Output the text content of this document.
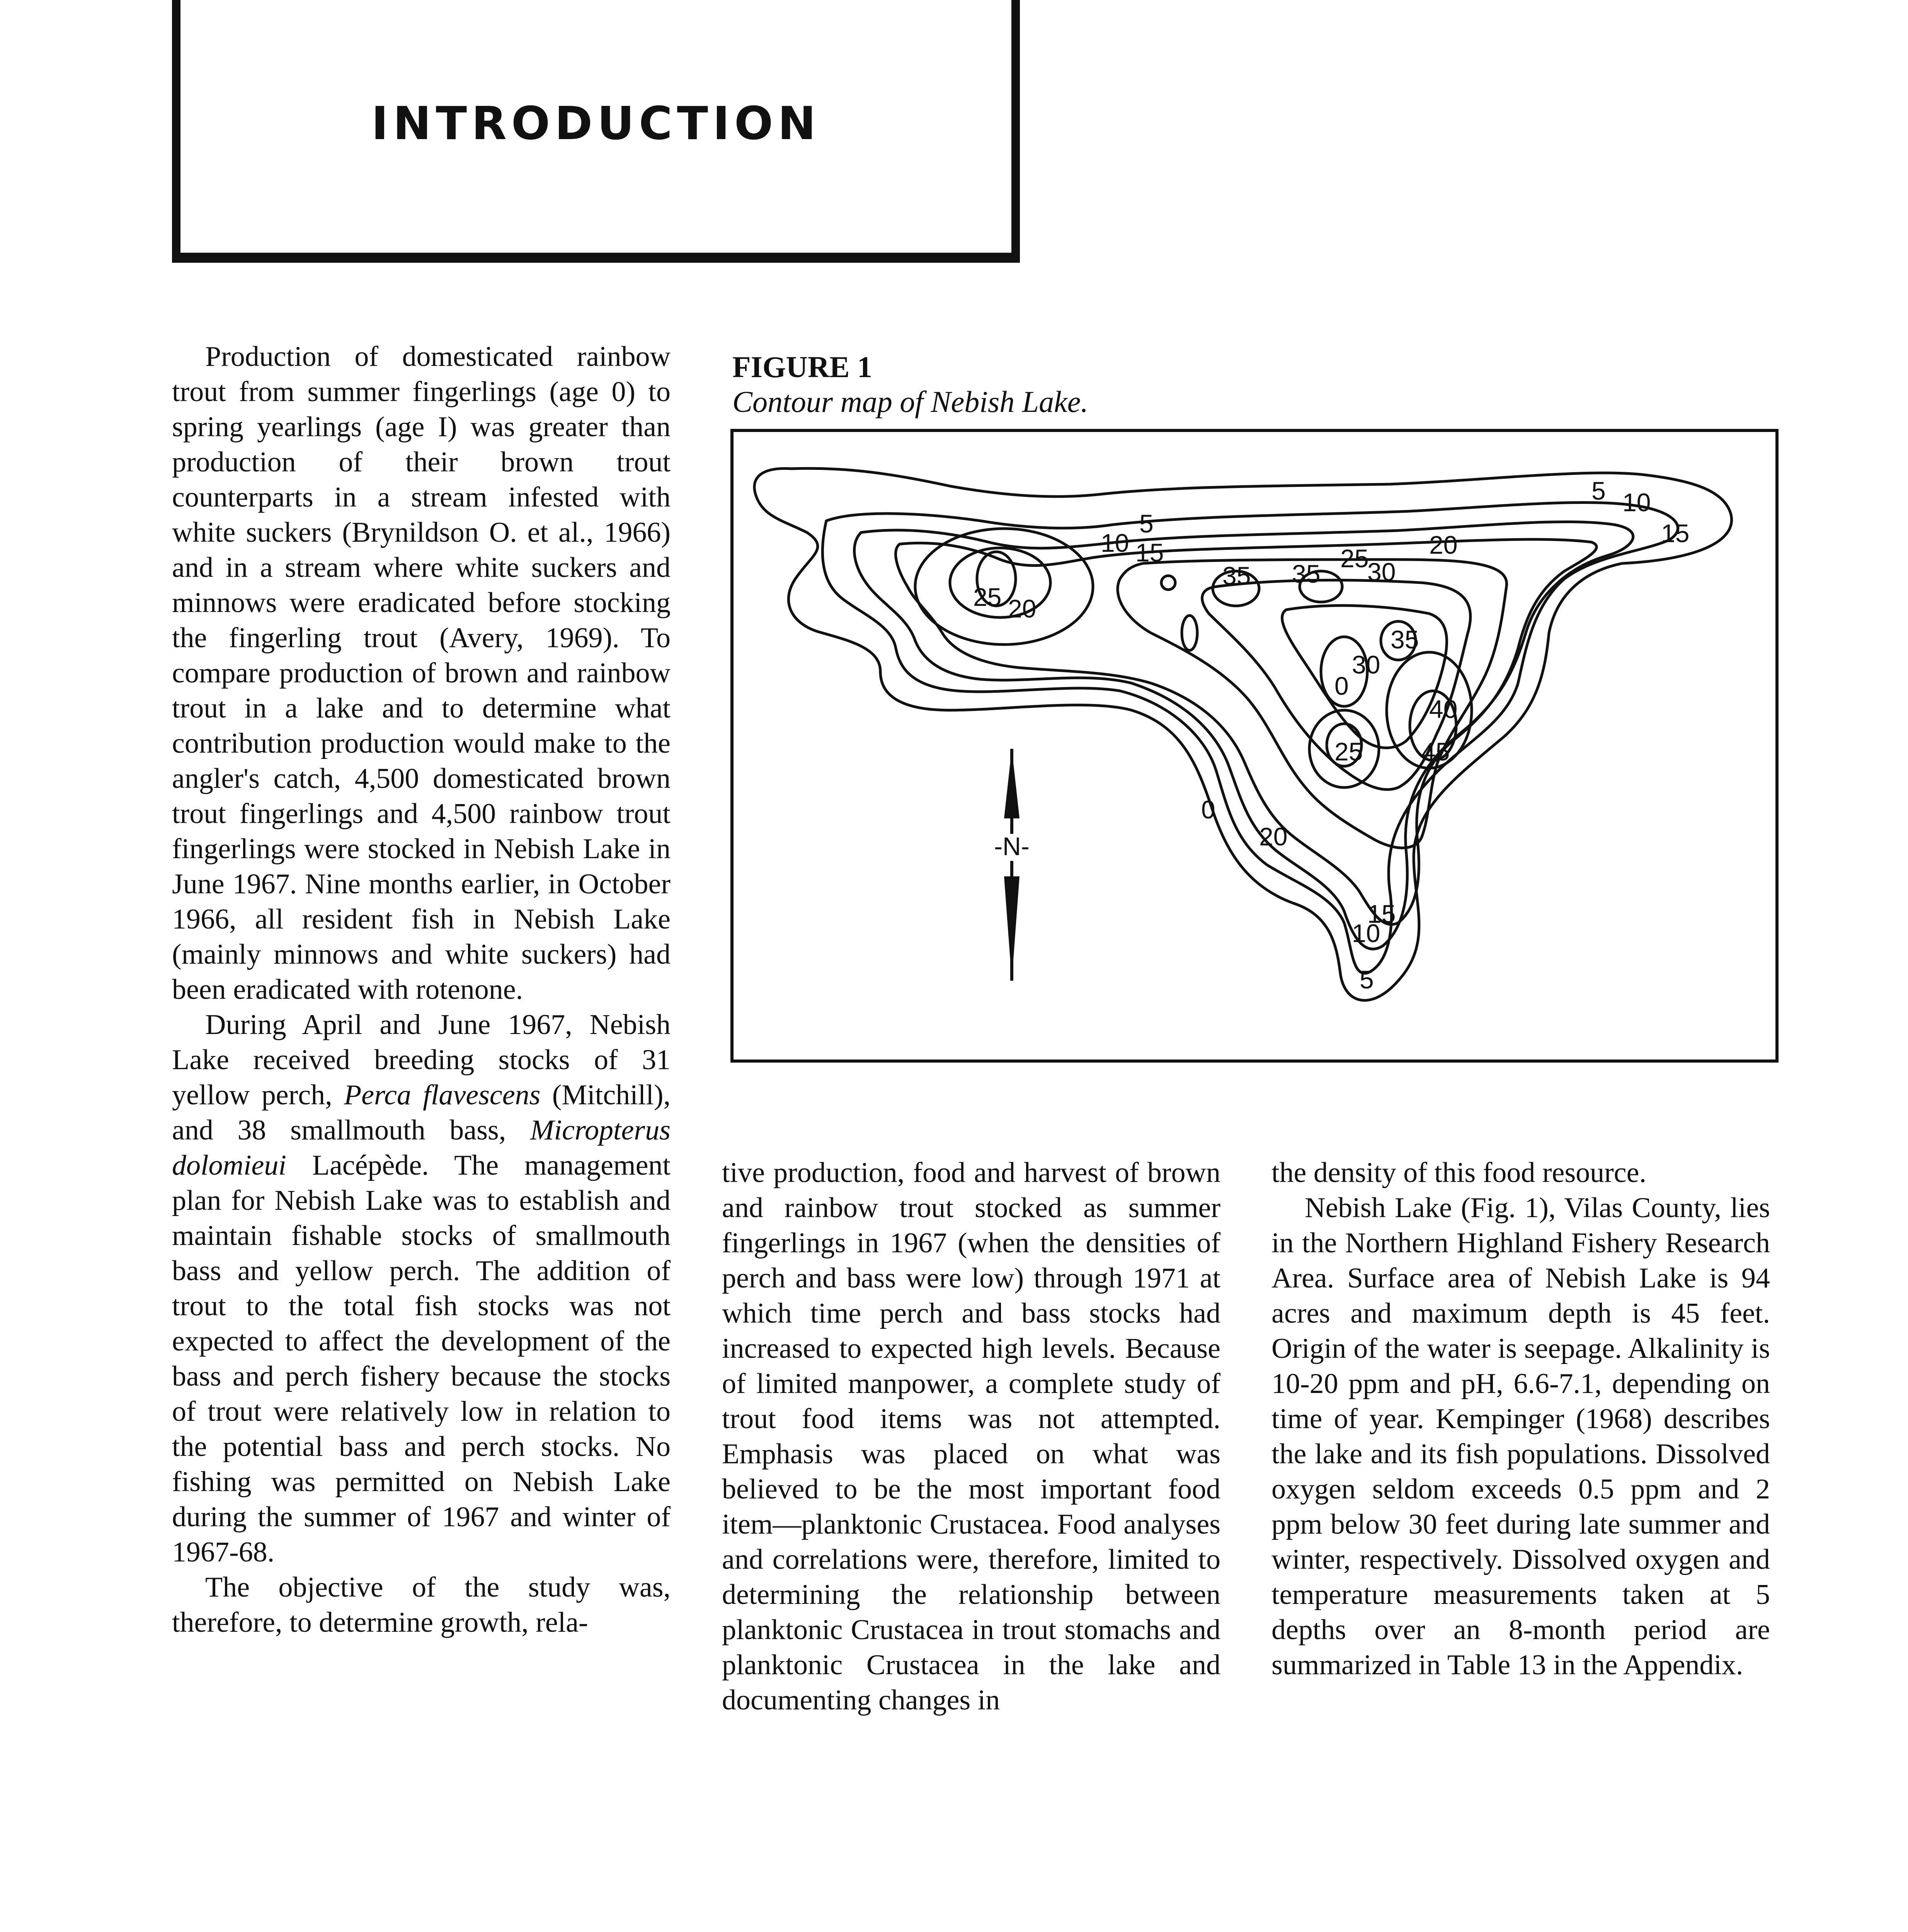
INTRODUCTION

Production of domesticated rainbow trout from summer fingerlings (age 0) to spring yearlings (age I) was greater than production of their brown trout counterparts in a stream infested with white suckers (Brynildson O. et al., 1966) and in a stream where white suckers and minnows were eradicated before stocking the fingerling trout (Avery, 1969). To compare production of brown and rainbow trout in a lake and to determine what contribution production would make to the angler's catch, 4,500 domesticated brown trout fingerlings and 4,500 rainbow trout fingerlings were stocked in Nebish Lake in June 1967. Nine months earlier, in October 1966, all resident fish in Nebish Lake (mainly minnows and white suckers) had been eradicated with rotenone.

During April and June 1967, Nebish Lake received breeding stocks of 31 yellow perch, Perca flavescens (Mitchill), and 38 smallmouth bass, Micropterus dolomieui Lacépède. The management plan for Nebish Lake was to establish and maintain fishable stocks of smallmouth bass and yellow perch. The addition of trout to the total fish stocks was not expected to affect the development of the bass and perch fishery because the stocks of trout were relatively low in relation to the potential bass and perch stocks. No fishing was permitted on Nebish Lake during the summer of 1967 and winter of 1967-68.

The objective of the study was, therefore, to determine growth, rela-

FIGURE 1
Contour map of Nebish Lake.
-N-
5
10 15
25 20
35 35
25 20
30
5 10
15
35
30
0
40
25 45
0
20
15
10
5

tive production, food and harvest of brown and rainbow trout stocked as summer fingerlings in 1967 (when the densities of perch and bass were low) through 1971 at which time perch and bass stocks had increased to expected high levels. Because of limited manpower, a complete study of trout food items was not attempted. Emphasis was placed on what was believed to be the most important food item—planktonic Crustacea. Food analyses and correlations were, therefore, limited to determining the relationship between planktonic Crustacea in trout stomachs and planktonic Crustacea in the lake and documenting changes in

the density of this food resource.

Nebish Lake (Fig. 1), Vilas County, lies in the Northern Highland Fishery Research Area. Surface area of Nebish Lake is 94 acres and maximum depth is 45 feet. Origin of the water is seepage. Alkalinity is 10-20 ppm and pH, 6.6-7.1, depending on time of year. Kempinger (1968) describes the lake and its fish populations. Dissolved oxygen seldom exceeds 0.5 ppm and 2 ppm below 30 feet during late summer and winter, respectively. Dissolved oxygen and temperature measurements taken at 5 depths over an 8-month period are summarized in Table 13 in the Appendix.
